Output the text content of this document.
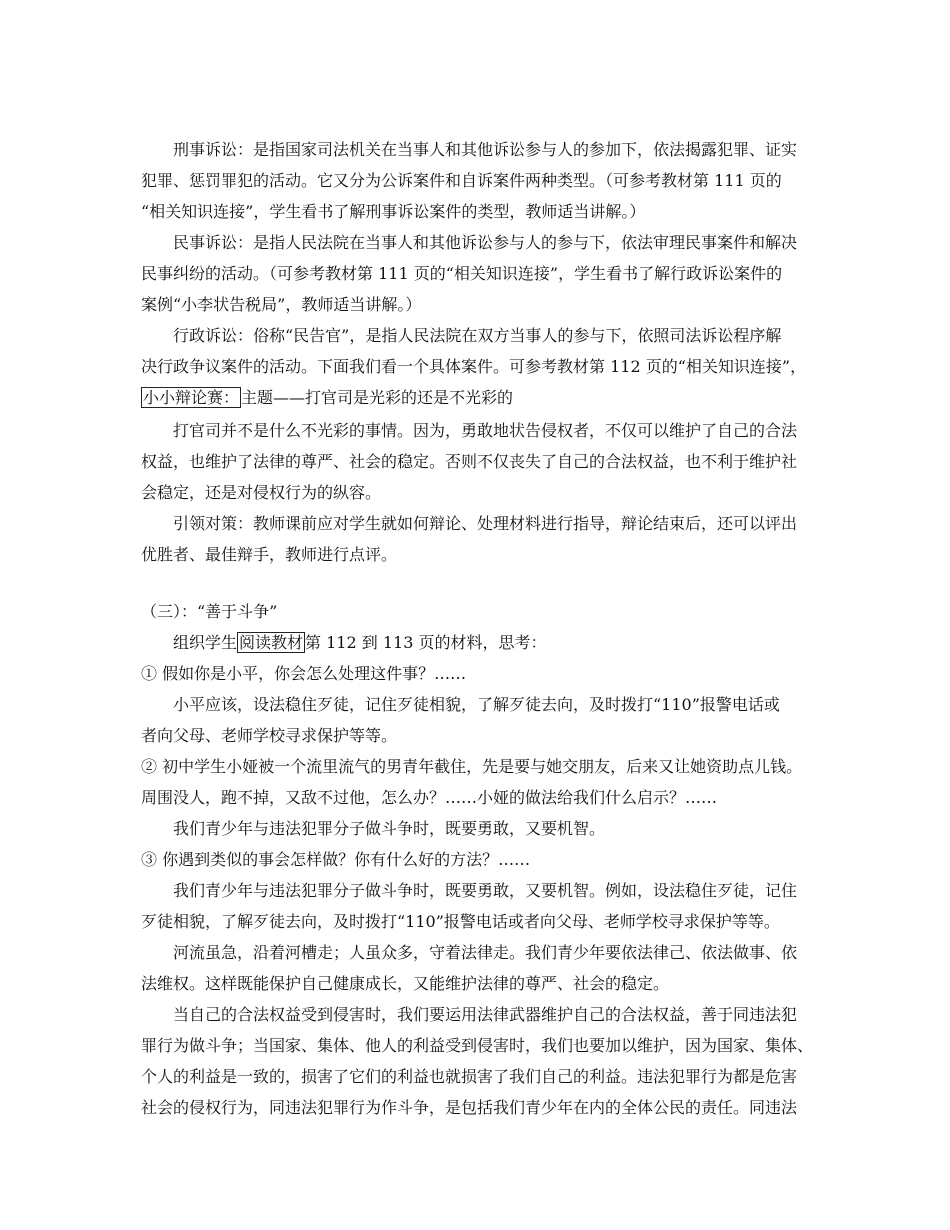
刑事诉讼：是指国家司法机关在当事人和其他诉讼参与人的参加下，依法揭露犯罪、证实
犯罪、惩罚罪犯的活动。它又分为公诉案件和自诉案件两种类型。（可参考教材第 111 页的
“相关知识连接”，学生看书了解刑事诉讼案件的类型，教师适当讲解。）
民事诉讼：是指人民法院在当事人和其他诉讼参与人的参与下，依法审理民事案件和解决
民事纠纷的活动。（可参考教材第 111 页的“相关知识连接”，学生看书了解行政诉讼案件的
案例“小李状告税局”，教师适当讲解。）
行政诉讼：俗称“民告官”，是指人民法院在双方当事人的参与下，依照司法诉讼程序解
决行政争议案件的活动。下面我们看一个具体案件。可参考教材第 112 页的“相关知识连接”，
小小辩论赛： 主题——打官司是光彩的还是不光彩的
打官司并不是什么不光彩的事情。因为，勇敢地状告侵权者，不仅可以维护了自己的合法
权益，也维护了法律的尊严、社会的稳定。否则不仅丧失了自己的合法权益，也不利于维护社
会稳定，还是对侵权行为的纵容。
引领对策：教师课前应对学生就如何辩论、处理材料进行指导，辩论结束后，还可以评出
优胜者、最佳辩手，教师进行点评。
（三）：“善于斗争”
组织学生 阅读教材 第 112 到 113 页的材料，思考：
① 假如你是小平，你会怎么处理这件事？……
小平应该，设法稳住歹徒，记住歹徒相貌，了解歹徒去向，及时拨打“110”报警电话或
者向父母、老师学校寻求保护等等。
② 初中学生小娅被一个流里流气的男青年截住，先是要与她交朋友，后来又让她资助点儿钱。
周围没人，跑不掉，又敌不过他，怎么办？……小娅的做法给我们什么启示？……
我们青少年与违法犯罪分子做斗争时，既要勇敢，又要机智。
③ 你遇到类似的事会怎样做？你有什么好的方法？……
我们青少年与违法犯罪分子做斗争时，既要勇敢，又要机智。例如，设法稳住歹徒，记住
歹徒相貌，了解歹徒去向，及时拨打“110”报警电话或者向父母、老师学校寻求保护等等。
河流虽急，沿着河槽走；人虽众多，守着法律走。我们青少年要依法律己、依法做事、依
法维权。这样既能保护自己健康成长，又能维护法律的尊严、社会的稳定。
当自己的合法权益受到侵害时，我们要运用法律武器维护自己的合法权益，善于同违法犯
罪行为做斗争；当国家、集体、他人的利益受到侵害时，我们也要加以维护，因为国家、集体、
个人的利益是一致的，损害了它们的利益也就损害了我们自己的利益。违法犯罪行为都是危害
社会的侵权行为，同违法犯罪行为作斗争，是包括我们青少年在内的全体公民的责任。同违法
